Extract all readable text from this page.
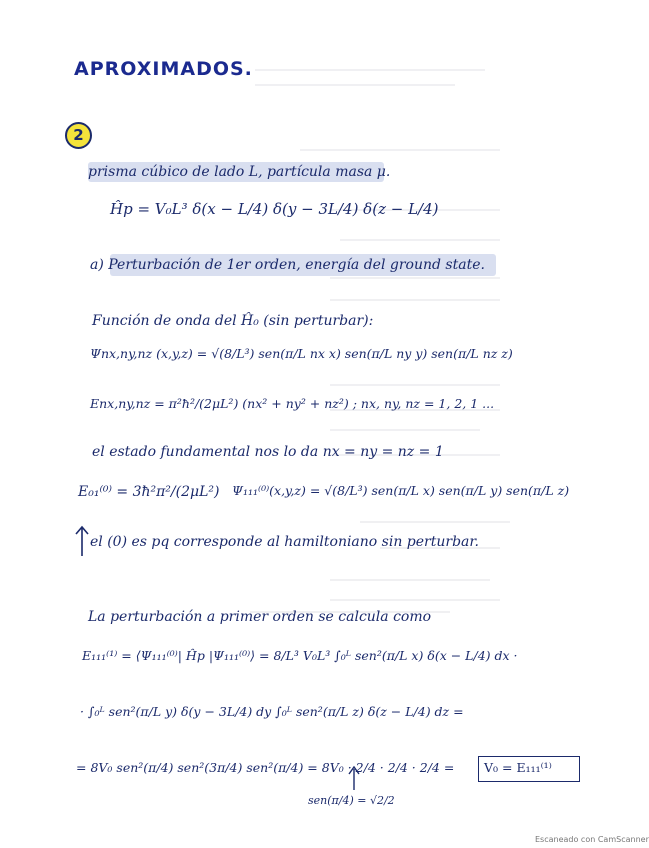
APROXIMADOS.
2
prisma cúbico de lado L, partícula masa μ.
Ĥp = V₀L³ δ(x − L/4) δ(y − 3L/4) δ(z − L/4)
a) Perturbación de 1er orden, energía del ground state.
Función de onda del Ĥ₀ (sin perturbar):
Ψnx,ny,nz (x,y,z) = √(8/L³) sen(π/L nx x) sen(π/L ny y) sen(π/L nz z)
Enx,ny,nz = π²ħ²/(2μL²) (nx² + ny² + nz²) ; nx, ny, nz = 1, 2, 1 ...
el estado fundamental nos lo da nx = ny = nz = 1
E₀₁⁽⁰⁾ = 3ħ²π²/(2μL²) Ψ₁₁₁⁽⁰⁾(x,y,z) = √(8/L³) sen(π/L x) sen(π/L y) sen(π/L z)
el (0) es pq corresponde al hamiltoniano sin perturbar.
La perturbación a primer orden se calcula como
E₁₁₁⁽¹⁾ = ⟨Ψ₁₁₁⁽⁰⁾| Ĥp |Ψ₁₁₁⁽⁰⁾⟩ = 8/L³ V₀L³ ∫₀ᴸ sen²(π/L x) δ(x − L/4) dx ·
· ∫₀ᴸ sen²(π/L y) δ(y − 3L/4) dy ∫₀ᴸ sen²(π/L z) δ(z − L/4) dz =
= 8V₀ sen²(π/4) sen²(3π/4) sen²(π/4) = 8V₀ · 2/4 · 2/4 · 2/4 = V₀ = E₁₁₁⁽¹⁾
sen(π/4) = √2/2
Escaneado con CamScanner
